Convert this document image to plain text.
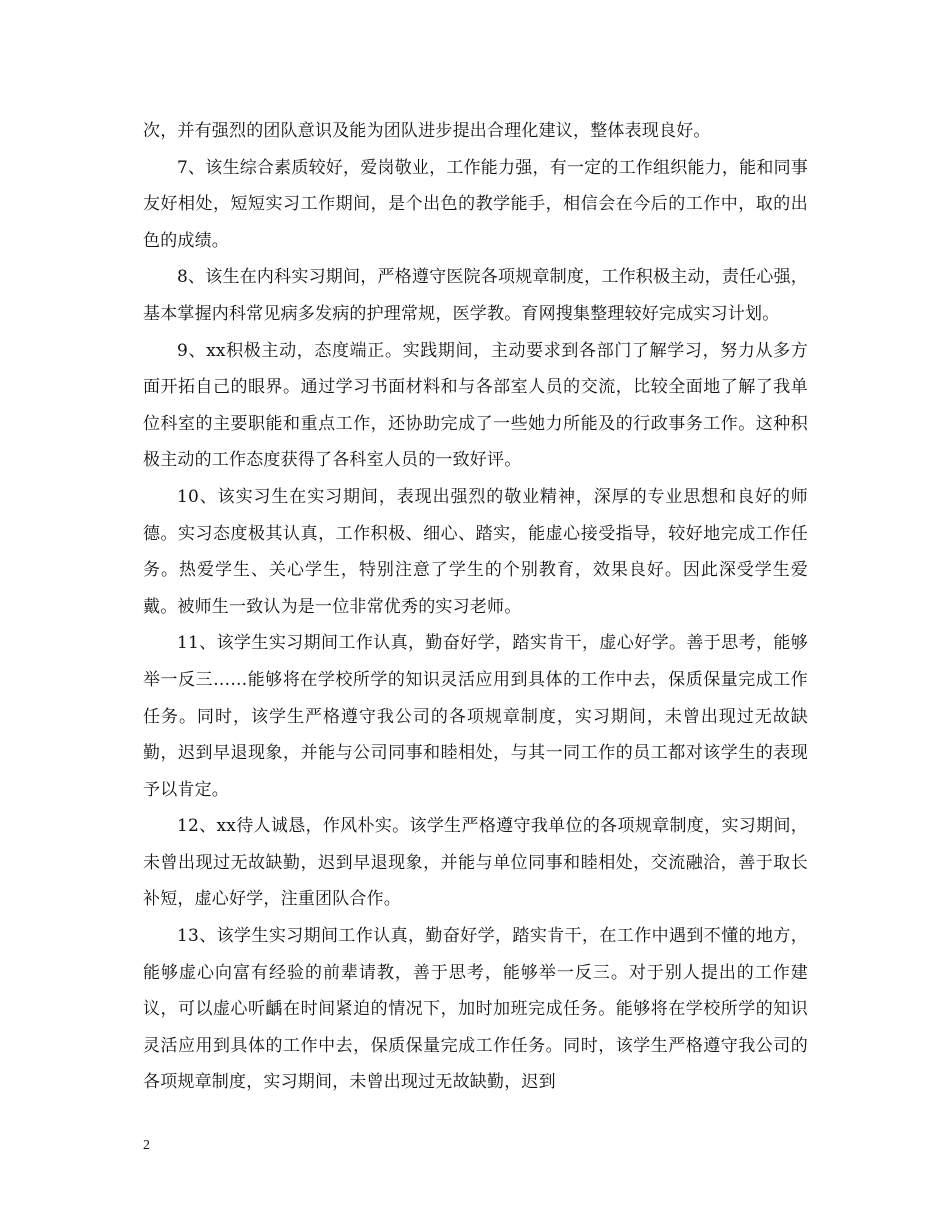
次，并有强烈的团队意识及能为团队进步提出合理化建议，整体表现良好。

7、该生综合素质较好，爱岗敬业，工作能力强，有一定的工作组织能力，能和同事友好相处，短短实习工作期间，是个出色的教学能手，相信会在今后的工作中，取的出色的成绩。

8、该生在内科实习期间，严格遵守医院各项规章制度，工作积极主动，责任心强，基本掌握内科常见病多发病的护理常规，医学教。育网搜集整理较好完成实习计划。

9、xx积极主动，态度端正。实践期间，主动要求到各部门了解学习，努力从多方面开拓自己的眼界。通过学习书面材料和与各部室人员的交流，比较全面地了解了我单位科室的主要职能和重点工作，还协助完成了一些她力所能及的行政事务工作。这种积极主动的工作态度获得了各科室人员的一致好评。

10、该实习生在实习期间，表现出强烈的敬业精神，深厚的专业思想和良好的师德。实习态度极其认真，工作积极、细心、踏实，能虚心接受指导，较好地完成工作任务。热爱学生、关心学生，特别注意了学生的个别教育，效果良好。因此深受学生爱戴。被师生一致认为是一位非常优秀的实习老师。

11、该学生实习期间工作认真，勤奋好学，踏实肯干，虚心好学。善于思考，能够举一反三……能够将在学校所学的知识灵活应用到具体的工作中去，保质保量完成工作任务。同时，该学生严格遵守我公司的各项规章制度，实习期间，未曾出现过无故缺勤，迟到早退现象，并能与公司同事和睦相处，与其一同工作的员工都对该学生的表现予以肯定。

12、xx待人诚恳，作风朴实。该学生严格遵守我单位的各项规章制度，实习期间，未曾出现过无故缺勤，迟到早退现象，并能与单位同事和睦相处，交流融洽，善于取长补短，虚心好学，注重团队合作。

13、该学生实习期间工作认真，勤奋好学，踏实肯干，在工作中遇到不懂的地方，能够虚心向富有经验的前辈请教，善于思考，能够举一反三。对于别人提出的工作建议，可以虚心听齲在时间紧迫的情况下，加时加班完成任务。能够将在学校所学的知识灵活应用到具体的工作中去，保质保量完成工作任务。同时，该学生严格遵守我公司的各项规章制度，实习期间，未曾出现过无故缺勤，迟到

2
